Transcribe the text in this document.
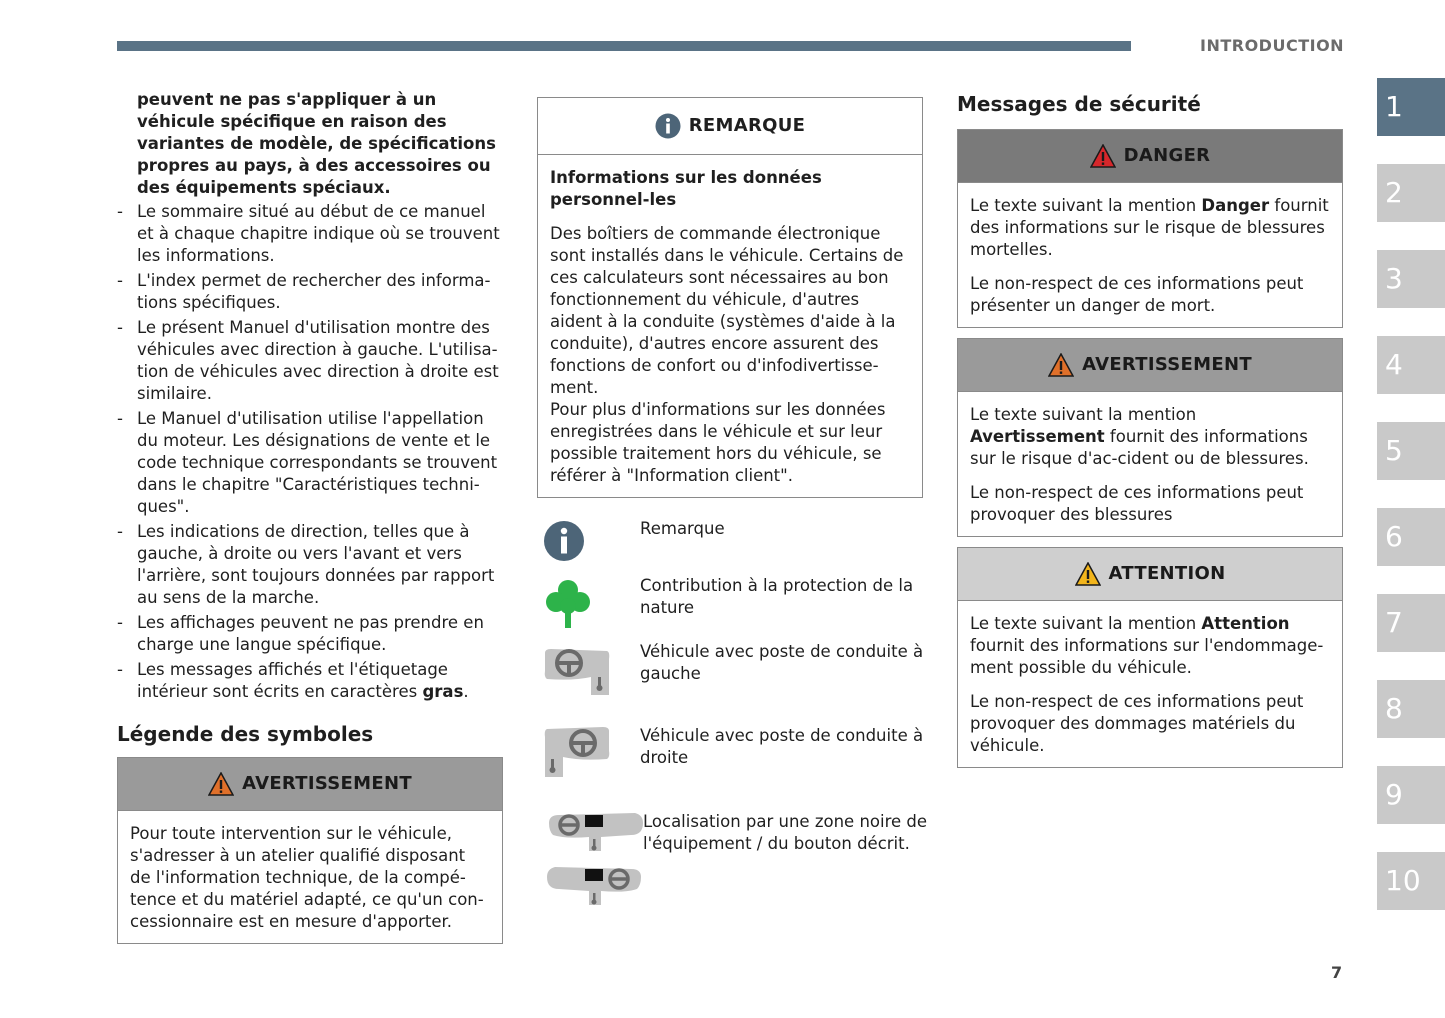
INTRODUCTION
1
2
3
4
5
6
7
8
9
10

peuvent ne pas s'appliquer à un véhicule spécifique en raison des variantes de modèle, de spécifications propres au pays, à des accessoires ou des équipements spéciaux.

- Le sommaire situé au début de ce manuel et à chaque chapitre indique où se trouvent les informations.
- L'index permet de rechercher des informa-tions spécifiques.
- Le présent Manuel d'utilisation montre des véhicules avec direction à gauche. L'utilisa-tion de véhicules avec direction à droite est similaire.
- Le Manuel d'utilisation utilise l'appellation du moteur. Les désignations de vente et le code technique correspondants se trouvent dans le chapitre "Caractéristiques techni-ques".
- Les indications de direction, telles que à gauche, à droite ou vers l'avant et vers l'arrière, sont toujours données par rapport au sens de la marche.
- Les affichages peuvent ne pas prendre en charge une langue spécifique.
- Les messages affichés et l'étiquetage intérieur sont écrits en caractères gras.
Légende des symboles
AVERTISSEMENT

Pour toute intervention sur le véhicule, s'adresser à un atelier qualifié disposant de l'information technique, de la compé-tence et du matériel adapté, ce qu'un con-cessionnaire est en mesure d'apporter.

REMARQUE

Informations sur les données personnel-les

Des boîtiers de commande électronique sont installés dans le véhicule. Certains de ces calculateurs sont nécessaires au bon fonctionnement du véhicule, d'autres aident à la conduite (systèmes d'aide à la conduite), d'autres encore assurent des fonctions de confort ou d'infodivertisse-ment.

Pour plus d'informations sur les données enregistrées dans le véhicule et sur leur possible traitement hors du véhicule, se référer à "Information client".

Remarque
Contribution à la protection de la nature
Véhicule avec poste de conduite à gauche
Véhicule avec poste de conduite à droite
Localisation par une zone noire de l'équipement / du bouton décrit.
Messages de sécurité
DANGER

Le texte suivant la mention Danger fournit des informations sur le risque de blessures mortelles.

Le non-respect de ces informations peut présenter un danger de mort.

AVERTISSEMENT

Le texte suivant la mention Avertissement fournit des informations sur le risque d'ac-cident ou de blessures.

Le non-respect de ces informations peut provoquer des blessures

ATTENTION

Le texte suivant la mention Attention fournit des informations sur l'endommage-ment possible du véhicule.

Le non-respect de ces informations peut provoquer des dommages matériels du véhicule.

7
